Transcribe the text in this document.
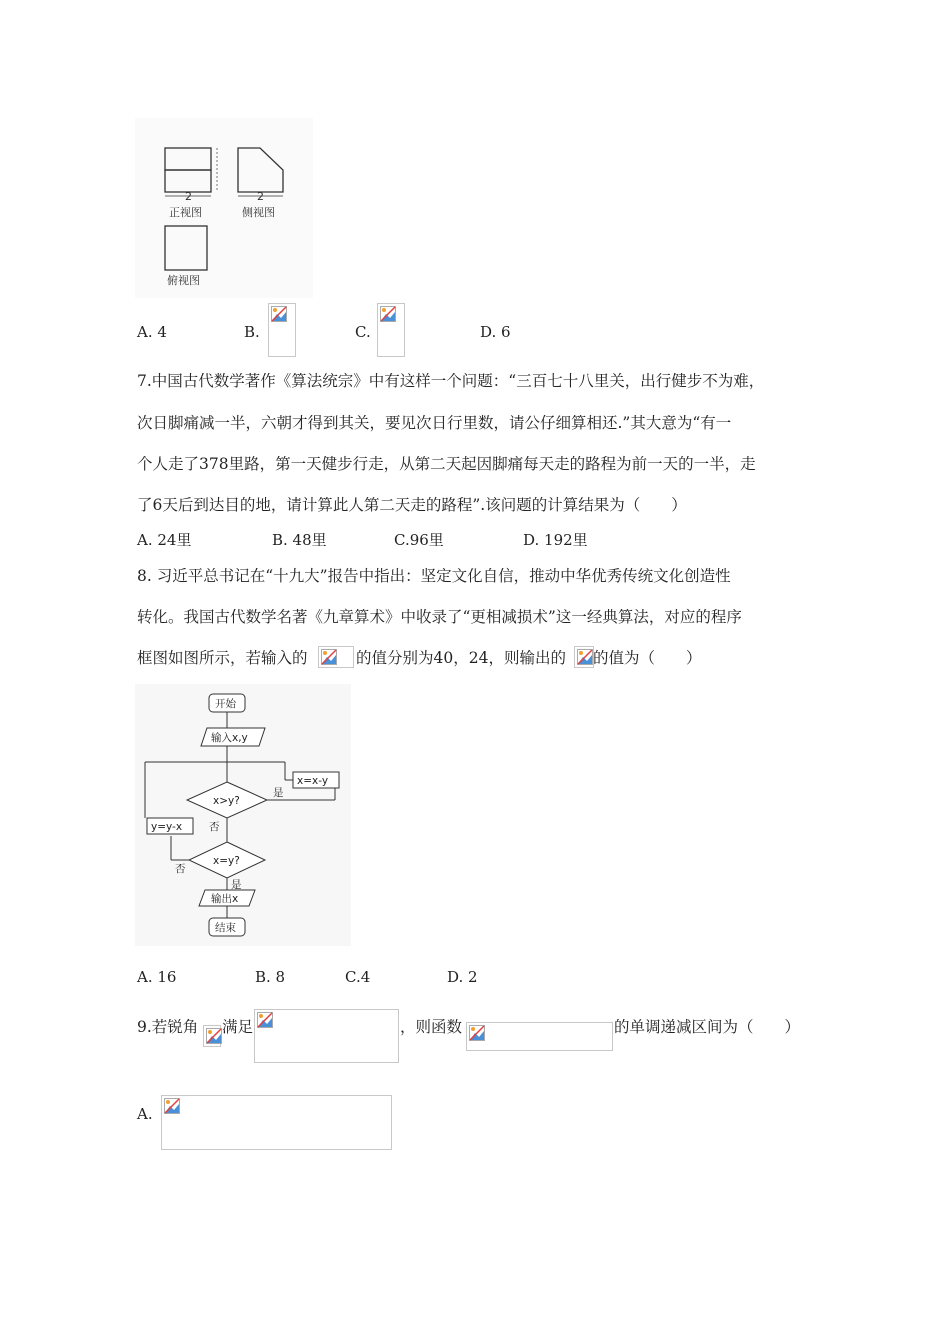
2
正视图
2
侧视图
俯视图
A. 4	B.	C.	D. 6
7.中国古代数学著作《算法统宗》中有这样一个问题：“三百七十八里关，出行健步不为难，
次日脚痛减一半，六朝才得到其关，要见次日行里数，请公仔细算相还.”其大意为“有一
个人走了378里路，第一天健步行走，从第二天起因脚痛每天走的路程为前一天的一半，走
了6天后到达目的地，请计算此人第二天走的路程”.该问题的计算结果为（　　）
A. 24里	B. 48里	C.96里	D. 192里
8. 习近平总书记在“十九大”报告中指出：坚定文化自信，推动中华优秀传统文化创造性
转化。我国古代数学名著《九章算术》中收录了“更相减损术”这一经典算法，对应的程序
框图如图所示，若输入的	的值分别为40，24，则输出的 的值为（　　）
开始
输入x,y
x>y?
是
x=x-y
否
y=y-x
x=y?
否
是
输出x
结束
A. 16	B. 8	C.4	D. 2
9.若锐角 满足	，则函数	的单调递减区间为（　　）
A.
